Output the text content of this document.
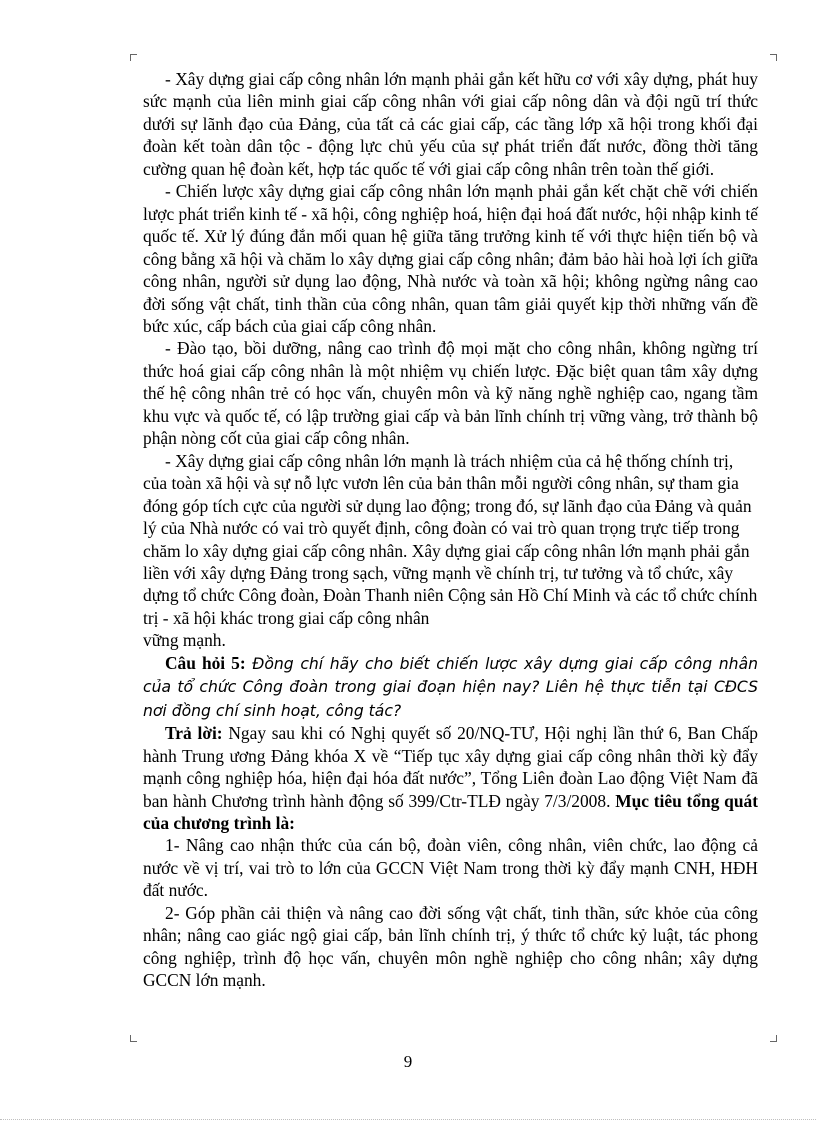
- Xây dựng giai cấp công nhân lớn mạnh phải gắn kết hữu cơ với xây dựng, phát huy sức mạnh của liên minh giai cấp công nhân với giai cấp nông dân và đội ngũ trí thức dưới sự lãnh đạo của Đảng, của tất cả các giai cấp, các tầng lớp xã hội trong khối đại đoàn kết toàn dân tộc - động lực chủ yếu của sự phát triển đất nước, đồng thời tăng cường quan hệ đoàn kết, hợp tác quốc tế với giai cấp công nhân trên toàn thế giới.

- Chiến lược xây dựng giai cấp công nhân lớn mạnh phải gắn kết chặt chẽ với chiến lược phát triển kinh tế - xã hội, công nghiệp hoá, hiện đại hoá đất nước, hội nhập kinh tế quốc tế. Xử lý đúng đắn mối quan hệ giữa tăng trưởng kinh tế với thực hiện tiến bộ và công bằng xã hội và chăm lo xây dựng giai cấp công nhân; đảm bảo hài hoà lợi ích giữa công nhân, người sử dụng lao động, Nhà nước và toàn xã hội; không ngừng nâng cao đời sống vật chất, tinh thần của công nhân, quan tâm giải quyết kịp thời những vấn đề bức xúc, cấp bách của giai cấp công nhân.

- Đào tạo, bồi dưỡng, nâng cao trình độ mọi mặt cho công nhân, không ngừng trí thức hoá giai cấp công nhân là một nhiệm vụ chiến lược. Đặc biệt quan tâm xây dựng thế hệ công nhân trẻ có học vấn, chuyên môn và kỹ năng nghề nghiệp cao, ngang tầm khu vực và quốc tế, có lập trường giai cấp và bản lĩnh chính trị vững vàng, trở thành bộ phận nòng cốt của giai cấp công nhân.

- Xây dựng giai cấp công nhân lớn mạnh là trách nhiệm của cả hệ thống chính trị, của toàn xã hội và sự nỗ lực vươn lên của bản thân mỗi người công nhân, sự tham gia đóng góp tích cực của người sử dụng lao động; trong đó, sự lãnh đạo của Đảng và quản lý của Nhà nước có vai trò quyết định, công đoàn có vai trò quan trọng trực tiếp trong chăm lo xây dựng giai cấp công nhân. Xây dựng giai cấp công nhân lớn mạnh phải gắn liền với xây dựng Đảng trong sạch, vững mạnh về chính trị, tư tưởng và tổ chức, xây dựng tổ chức Công đoàn, Đoàn Thanh niên Cộng sản Hồ Chí Minh và các tổ chức chính trị - xã hội khác trong giai cấp công nhân

vững mạnh.

Câu hỏi 5: Đồng chí hãy cho biết chiến lược xây dựng giai cấp công nhân của tổ chức Công đoàn trong giai đoạn hiện nay? Liên hệ thực tiễn tại CĐCS nơi đồng chí sinh hoạt, công tác?

Trả lời: Ngay sau khi có Nghị quyết số 20/NQ-TƯ, Hội nghị lần thứ 6, Ban Chấp hành Trung ương Đảng khóa X về “Tiếp tục xây dựng giai cấp công nhân thời kỳ đẩy mạnh công nghiệp hóa, hiện đại hóa đất nước”, Tổng Liên đoàn Lao động Việt Nam đã ban hành Chương trình hành động số 399/Ctr-TLĐ ngày 7/3/2008. Mục tiêu tổng quát của chương trình là:

1- Nâng cao nhận thức của cán bộ, đoàn viên, công nhân, viên chức, lao động cả nước về vị trí, vai trò to lớn của GCCN Việt Nam trong thời kỳ đẩy mạnh CNH, HĐH đất nước.

2- Góp phần cải thiện và nâng cao đời sống vật chất, tinh thần, sức khỏe của công nhân; nâng cao giác ngộ giai cấp, bản lĩnh chính trị, ý thức tổ chức kỷ luật, tác phong công nghiệp, trình độ học vấn, chuyên môn nghề nghiệp cho công nhân; xây dựng GCCN lớn mạnh.

9
